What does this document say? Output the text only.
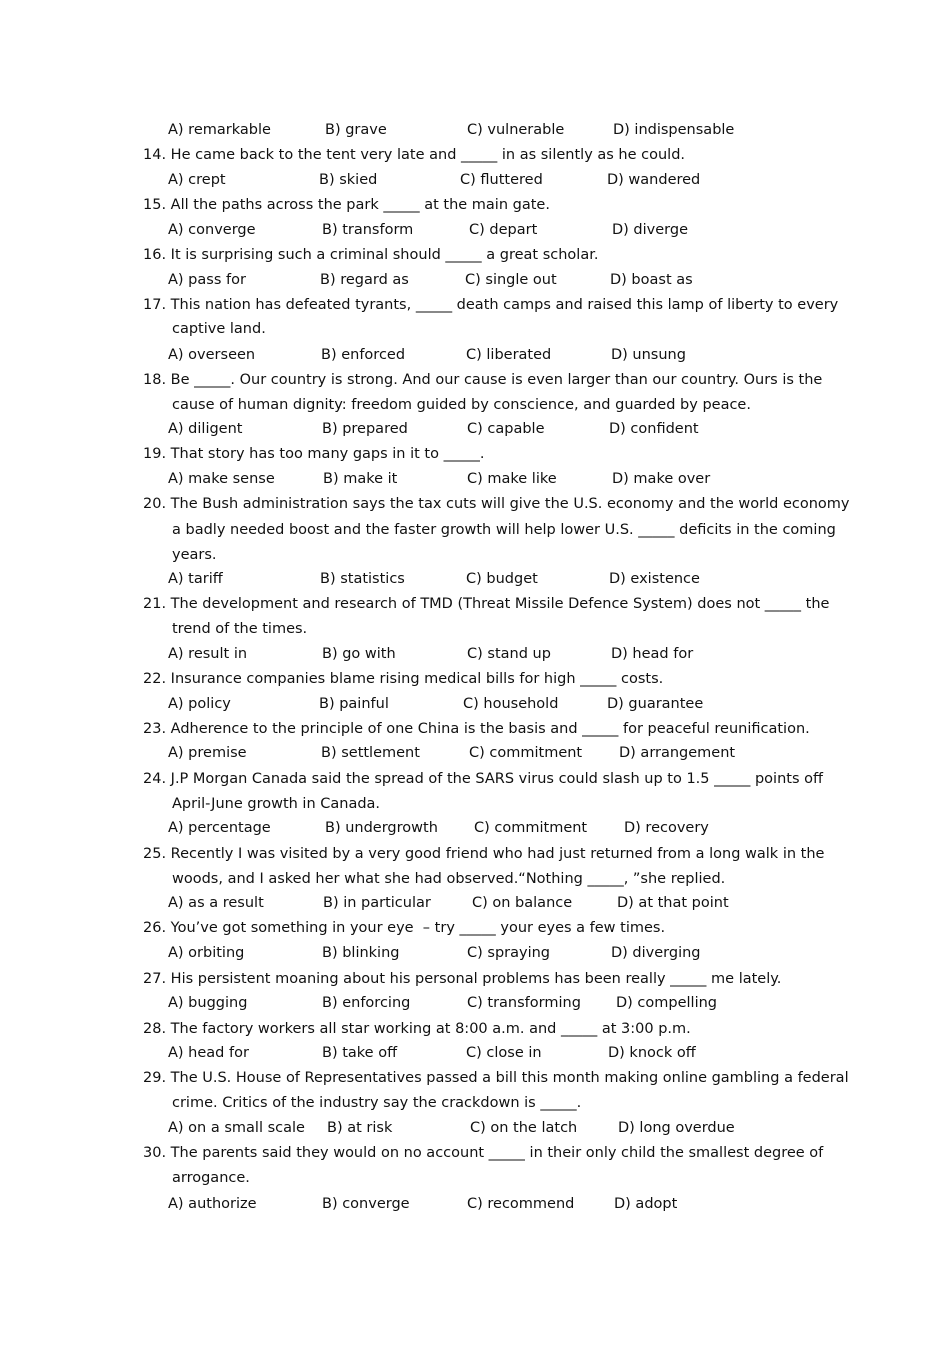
A) remarkable	B) grave	C) vulnerable	D) indispensable
14. He came back to the tent very late and _____ in as silently as he could.
A) crept	B) skied	C) fluttered	D) wandered
15. All the paths across the park _____ at the main gate.
A) converge	B) transform	C) depart	D) diverge
16. It is surprising such a criminal should _____ a great scholar.
A) pass for	B) regard as	C) single out	D) boast as
17. This nation has defeated tyrants, _____ death camps and raised this lamp of liberty to every
captive land.
A) overseen	B) enforced	C) liberated	D) unsung
18. Be _____. Our country is strong. And our cause is even larger than our country. Ours is the
cause of human dignity: freedom guided by conscience, and guarded by peace.
A) diligent	B) prepared	C) capable	D) confident
19. That story has too many gaps in it to _____.
A) make sense	B) make it	C) make like	D) make over
20. The Bush administration says the tax cuts will give the U.S. economy and the world economy
a badly needed boost and the faster growth will help lower U.S. _____ deficits in the coming
years.
A) tariff	B) statistics	C) budget	D) existence
21. The development and research of TMD (Threat Missile Defence System) does not _____ the
trend of the times.
A) result in	B) go with	C) stand up	D) head for
22. Insurance companies blame rising medical bills for high _____ costs.
A) policy	B) painful	C) household	D) guarantee
23. Adherence to the principle of one China is the basis and _____ for peaceful reunification.
A) premise	B) settlement	C) commitment	D) arrangement
24. J.P Morgan Canada said the spread of the SARS virus could slash up to 1.5 _____ points off
April-June growth in Canada.
A) percentage	B) undergrowth C) commitment	D) recovery
25. Recently I was visited by a very good friend who had just returned from a long walk in the
woods, and I asked her what she had observed.“Nothing _____, ”she replied.
A) as a result	B) in particular	C) on balance	D) at that point
26. You’ve got something in your eye  – try _____ your eyes a few times.
A) orbiting	B) blinking	C) spraying	D) diverging
27. His persistent moaning about his personal problems has been really _____ me lately.
A) bugging	B) enforcing	C) transforming D) compelling
28. The factory workers all star working at 8:00 a.m. and _____ at 3:00 p.m.
A) head for	B) take off	C) close in	D) knock off
29. The U.S. House of Representatives passed a bill this month making online gambling a federal
crime. Critics of the industry say the crackdown is _____.
A) on a small scale B) at risk	C) on the latch	D) long overdue
30. The parents said they would on no account _____ in their only child the smallest degree of
arrogance.
A) authorize	B) converge	C) recommend	D) adopt
